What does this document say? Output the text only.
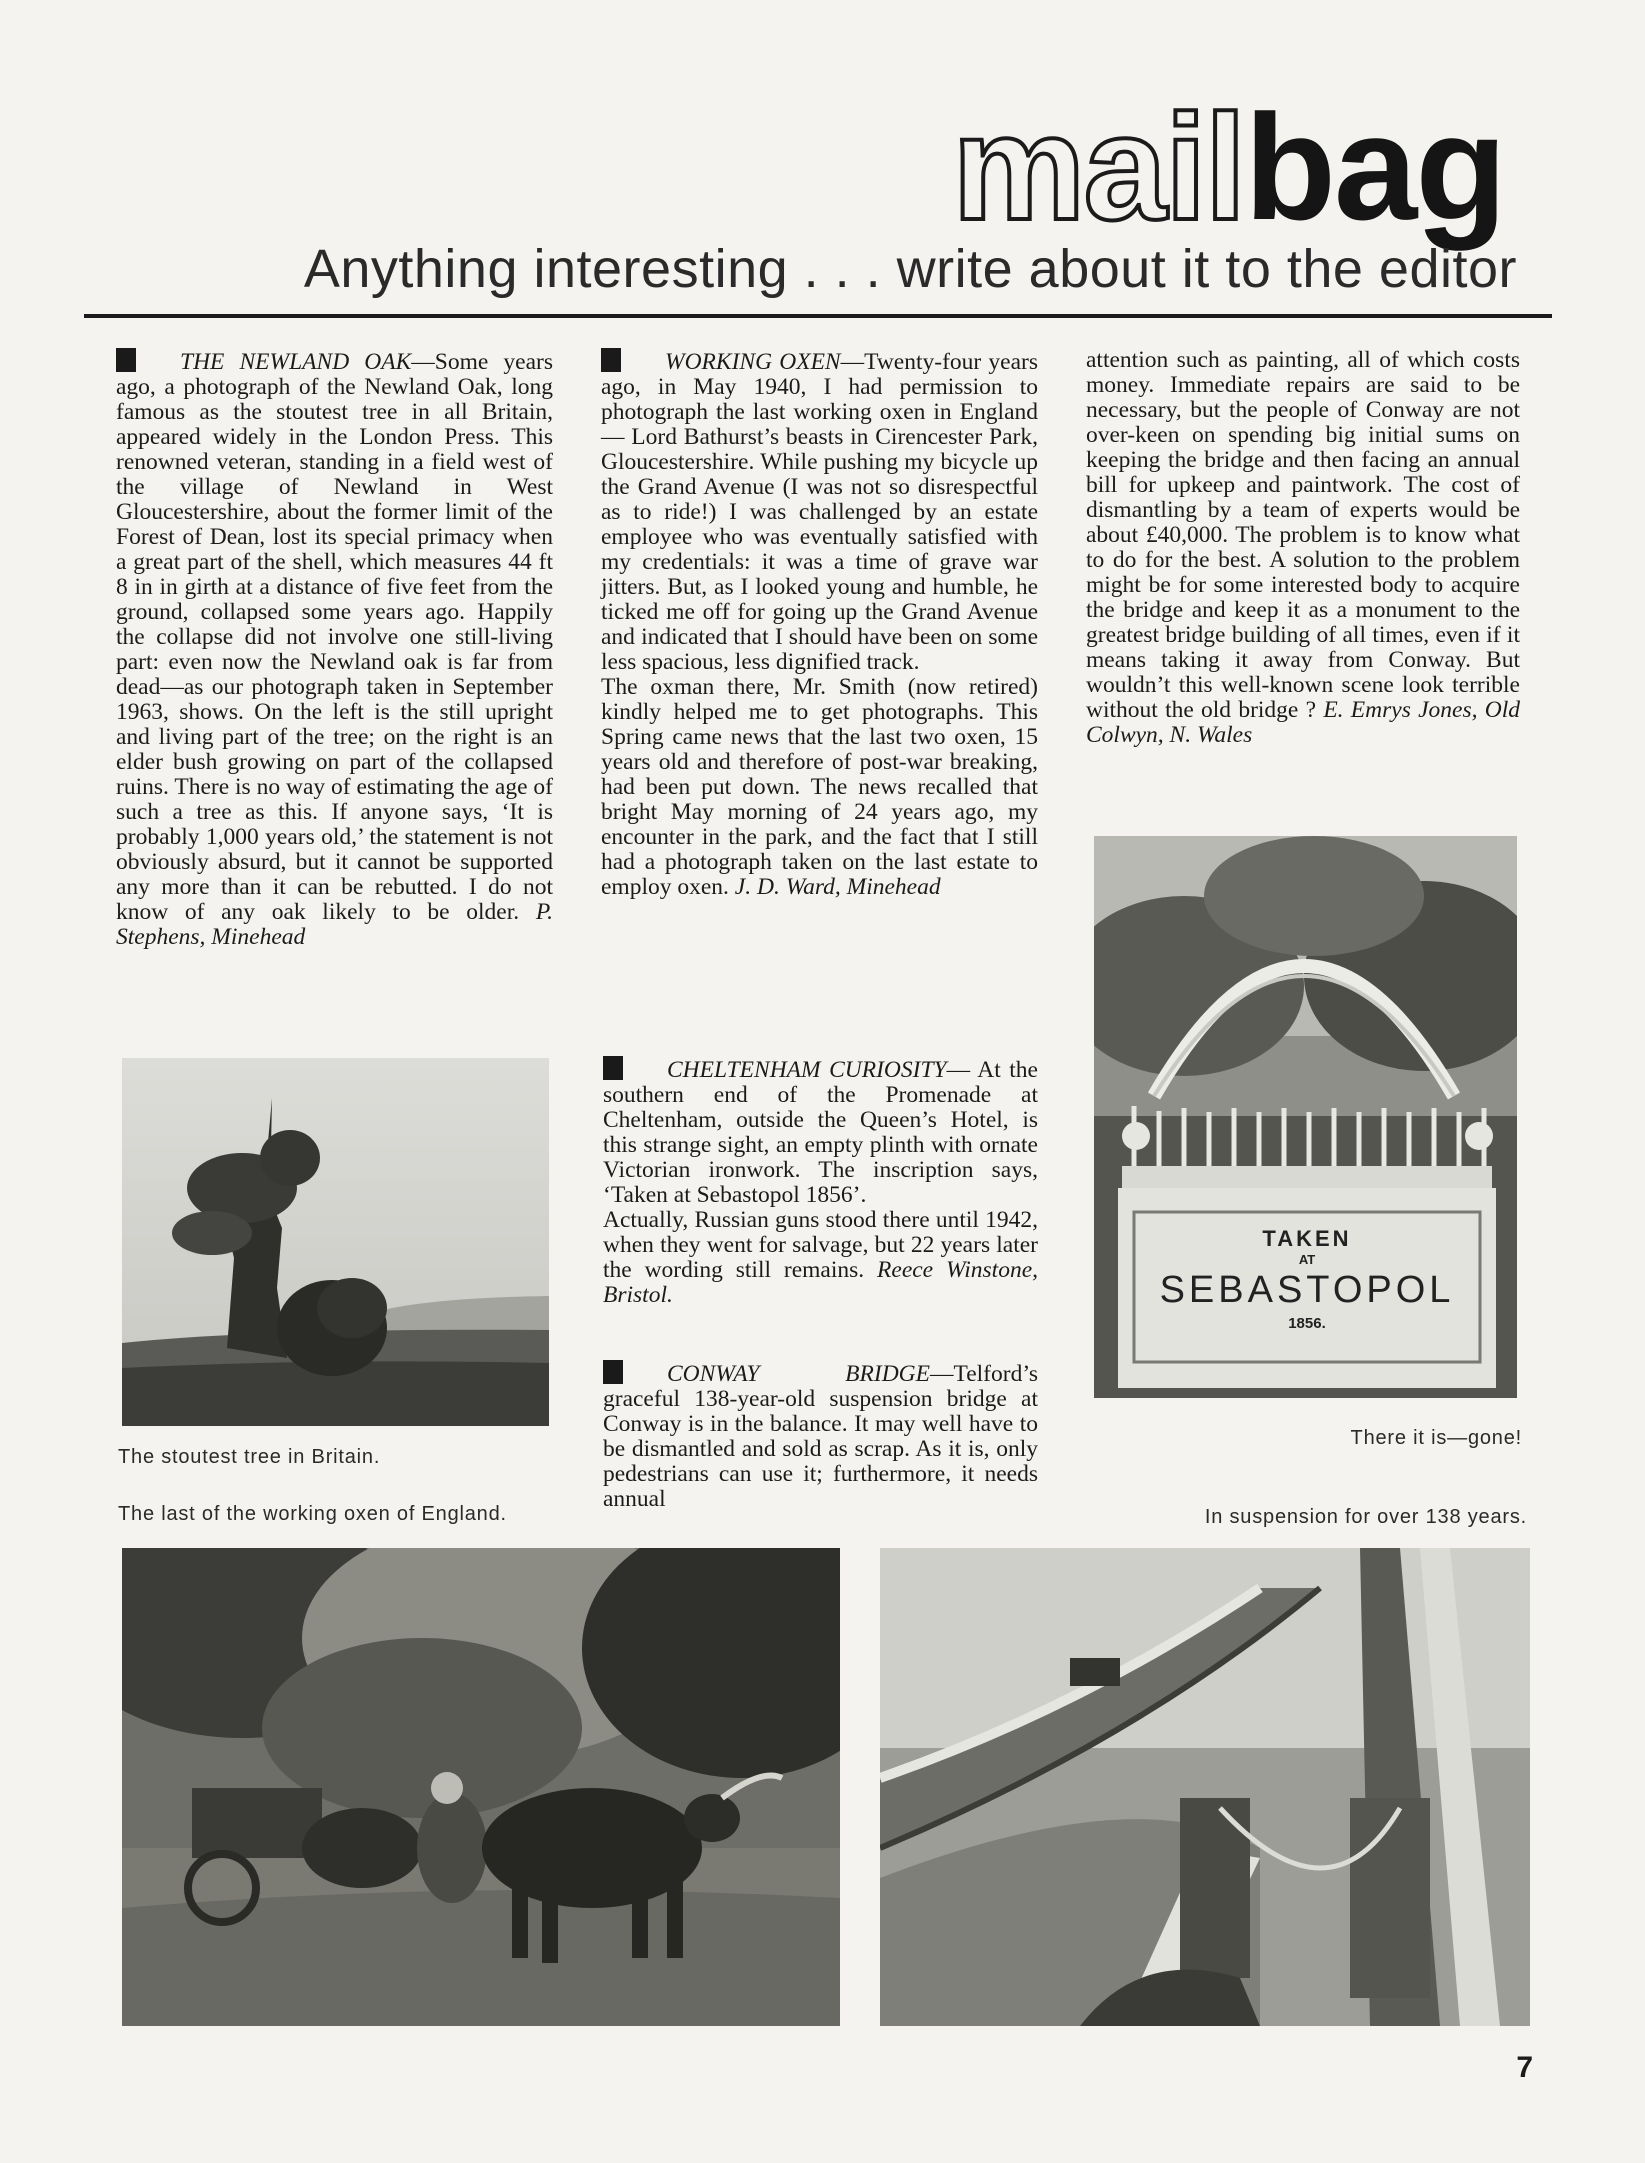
mailbag
Anything interesting . . . write about it to the editor

THE NEWLAND OAK—Some years ago, a photograph of the Newland Oak, long famous as the stoutest tree in all Britain, appeared widely in the London Press. This renowned veteran, standing in a field west of the village of Newland in West Gloucestershire, about the former limit of the Forest of Dean, lost its special primacy when a great part of the shell, which measures 44 ft 8 in in girth at a distance of five feet from the ground, collapsed some years ago. Happily the collapse did not involve one still-living part: even now the Newland oak is far from dead—as our photograph taken in September 1963, shows. On the left is the still upright and living part of the tree; on the right is an elder bush growing on part of the collapsed ruins. There is no way of estimating the age of such a tree as this. If anyone says, ‘It is probably 1,000 years old,’ the statement is not obviously absurd, but it cannot be supported any more than it can be rebutted. I do not know of any oak likely to be older. P. Stephens, Minehead

The stoutest tree in Britain.
The last of the working oxen of England.

WORKING OXEN—Twenty-four years ago, in May 1940, I had permission to photograph the last working oxen in England — Lord Bathurst’s beasts in Cirencester Park, Gloucestershire. While pushing my bicycle up the Grand Avenue (I was not so disrespectful as to ride!) I was challenged by an estate employee who was eventually satisfied with my credentials: it was a time of grave war jitters. But, as I looked young and humble, he ticked me off for going up the Grand Avenue and indicated that I should have been on some less spacious, less dignified track.

The oxman there, Mr. Smith (now retired) kindly helped me to get photographs. This Spring came news that the last two oxen, 15 years old and therefore of post-war breaking, had been put down. The news recalled that bright May morning of 24 years ago, my encounter in the park, and the fact that I still had a photograph taken on the last estate to employ oxen. J. D. Ward, Minehead

CHELTENHAM CURIOSITY— At the southern end of the Promenade at Cheltenham, outside the Queen’s Hotel, is this strange sight, an empty plinth with ornate Victorian ironwork. The inscription says, ‘Taken at Sebastopol 1856’.

Actually, Russian guns stood there until 1942, when they went for salvage, but 22 years later the wording still remains. Reece Winstone, Bristol.

CONWAY BRIDGE—Telford’s graceful 138-year-old suspension bridge at Conway is in the balance. It may well have to be dismantled and sold as scrap. As it is, only pedestrians can use it; furthermore, it needs annual

attention such as painting, all of which costs money. Immediate repairs are said to be necessary, but the people of Conway are not over-keen on spending big initial sums on keeping the bridge and then facing an annual bill for upkeep and paintwork. The cost of dismantling by a team of experts would be about £40,000. The problem is to know what to do for the best. A solution to the problem might be for some interested body to acquire the bridge and keep it as a monument to the greatest bridge building of all times, even if it means taking it away from Conway. But wouldn’t this well-known scene look terrible without the old bridge ? E. Emrys Jones, Old Colwyn, N. Wales

TAKEN
AT
SEBASTOPOL
1856.
There it is—gone!
In suspension for over 138 years.
7
